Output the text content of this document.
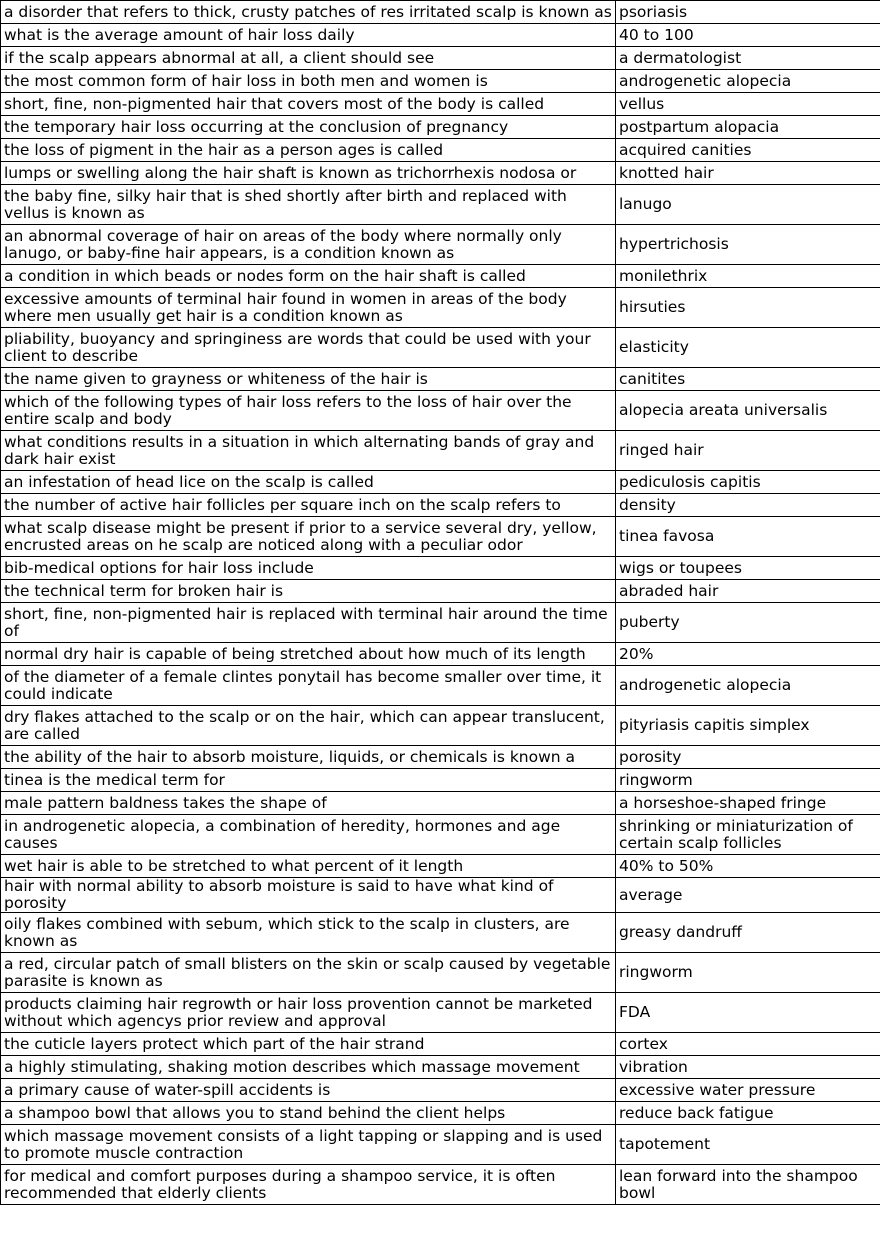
a disorder that refers to thick, crusty patches of res irritated scalp is known as	psoriasis
what is the average amount of hair loss daily	40 to 100
if the scalp appears abnormal at all, a client should see	a dermatologist
the most common form of hair loss in both men and women is	androgenetic alopecia
short, fine, non-pigmented hair that covers most of the body is called	vellus
the temporary hair loss occurring at the conclusion of pregnancy	postpartum alopacia
the loss of pigment in the hair as a person ages is called	acquired canities
lumps or swelling along the hair shaft is known as trichorrhexis nodosa or	knotted hair
the baby fine, silky hair that is shed shortly after birth and replaced with vellus is known as	lanugo
an abnormal coverage of hair on areas of the body where normally only lanugo, or baby-fine hair appears, is a condition known as	hypertrichosis
a condition in which beads or nodes form on the hair shaft is called	monilethrix
excessive amounts of terminal hair found in women in areas of the body where men usually get hair is a condition known as	hirsuties
pliability, buoyancy and springiness are words that could be used with your client to describe	elasticity
the name given to grayness or whiteness of the hair is	canitites
which of the following types of hair loss refers to the loss of hair over the entire scalp and body	alopecia areata universalis
what conditions results in a situation in which alternating bands of gray and dark hair exist	ringed hair
an infestation of head lice on the scalp is called	pediculosis capitis
the number of active hair follicles per square inch on the scalp refers to	density
what scalp disease might be present if prior to a service several dry, yellow, encrusted areas on he scalp are noticed along with a peculiar odor	tinea favosa
bib-medical options for hair loss include	wigs or toupees
the technical term for broken hair is	abraded hair
short, fine, non-pigmented hair is replaced with terminal hair around the time of	puberty
normal dry hair is capable of being stretched about how much of its length	20%
of the diameter of a female clintes ponytail has become smaller over time, it could indicate	androgenetic alopecia
dry flakes attached to the scalp or on the hair, which can appear translucent, are called	pityriasis capitis simplex
the ability of the hair to absorb moisture, liquids, or chemicals is known a	porosity
tinea is the medical term for	ringworm
male pattern baldness takes the shape of	a horseshoe-shaped fringe
in androgenetic alopecia, a combination of heredity, hormones and age causes	shrinking or miniaturization of certain scalp follicles
wet hair is able to be stretched to what percent of it length	40% to 50%
hair with normal ability to absorb moisture is said to have what kind of porosity	average
oily flakes combined with sebum, which stick to the scalp in clusters, are known as	greasy dandruff
a red, circular patch of small blisters on the skin or scalp caused by vegetable parasite is known as	ringworm
products claiming hair regrowth or hair loss provention cannot be marketed without which agencys prior review and approval	FDA
the cuticle layers protect which part of the hair strand	cortex
a highly stimulating, shaking motion describes which massage movement	vibration
a primary cause of water-spill accidents is	excessive water pressure
a shampoo bowl that allows you to stand behind the client helps	reduce back fatigue
which massage movement consists of a light tapping or slapping and is used to promote muscle contraction	tapotement
for medical and comfort purposes during a shampoo service, it is often recommended that elderly clients	lean forward into the shampoo bowl
